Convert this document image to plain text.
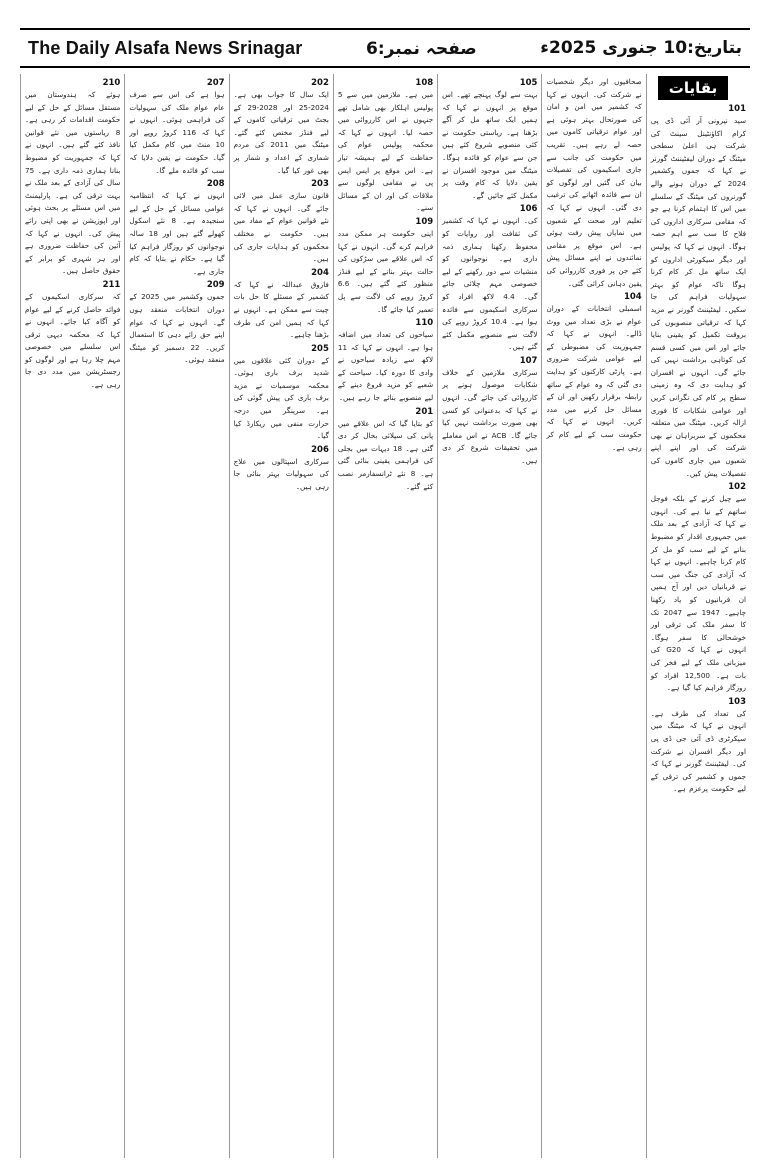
The Daily Alsafa News Srinagar	صفحہ نمبر:6	بتاریخ:10 جنوری 2025ء
بقایات
101
سید نیرونی آر آئی ڈی پی کرام اکاؤنٹینل سینٹ کی شرکت ہی اعلیٰ سطحی میٹنگ کے دوران لیفٹیننٹ گورنر نے کہا کہ جموں وکشمیر 2024 کے دوران ہونے والے گورنروں کی میٹنگ کے سلسلے میں اس کا اہتمام کرنا ہے جو کہ مقامی سرکاری اداروں کی فلاح کا سب سے اہم حصہ ہوگا۔ انہوں نے کہا کہ پولیس اور دیگر سیکورٹی اداروں کو ایک ساتھ مل کر کام کرنا ہوگا تاکہ عوام کو بہتر سہولیات فراہم کی جا سکیں۔ لیفٹیننٹ گورنر نے مزید کہا کہ ترقیاتی منصوبوں کی بروقت تکمیل کو یقینی بنایا جائے اور اس میں کسی قسم کی کوتاہی برداشت نہیں کی جائے گی۔ انہوں نے افسران کو ہدایت دی کہ وہ زمینی سطح پر کام کی نگرانی کریں اور عوامی شکایات کا فوری ازالہ کریں۔ میٹنگ میں متعلقہ محکموں کے سربراہان نے بھی شرکت کی اور اپنے اپنے شعبوں میں جاری کاموں کی تفصیلات پیش کیں۔
102
سے چیل کرنے کے بلکہ فوجل ساتھم کے نیا ہے کی۔ انہوں نے کہا کہ آزادی کے بعد ملک میں جمہوری اقدار کو مضبوط بنانے کے لیے سب کو مل کر کام کرنا چاہیے۔ انہوں نے کہا کہ آزادی کی جنگ میں سب نے قربانیاں دیں اور آج ہمیں ان قربانیوں کو یاد رکھنا چاہیے۔ 1947 سے 2047 تک کا سفر ملک کی ترقی اور خوشحالی کا سفر ہوگا۔ انہوں نے کہا کہ G20 کی میزبانی ملک کے لیے فخر کی بات ہے۔ 12,500 افراد کو روزگار فراہم کیا گیا ہے۔
103
کی تعداد کی طرف ہے۔ انہوں نے کہا کہ میٹنگ میں سیکرٹری ڈی آئی جی ڈی پی اور دیگر افسران نے شرکت کی۔ لیفٹیننٹ گورنر نے کہا کہ جموں و کشمیر کی ترقی کے لیے حکومت پرعزم ہے۔
صحافیوں اور دیگر شخصیات نے شرکت کی۔ انہوں نے کہا کہ کشمیر میں امن و امان کی صورتحال بہتر ہوئی ہے اور عوام ترقیاتی کاموں میں حصہ لے رہے ہیں۔ تقریب میں حکومت کی جانب سے جاری اسکیموں کی تفصیلات بیان کی گئیں اور لوگوں کو ان سے فائدہ اٹھانے کی ترغیب دی گئی۔ انہوں نے کہا کہ تعلیم اور صحت کے شعبوں میں نمایاں پیش رفت ہوئی ہے۔ اس موقع پر مقامی نمائندوں نے اپنے مسائل پیش کئے جن پر فوری کارروائی کی یقین دہانی کرائی گئی۔
104
اسمبلی انتخابات کے دوران عوام نے بڑی تعداد میں ووٹ ڈالے۔ انہوں نے کہا کہ جمہوریت کی مضبوطی کے لیے عوامی شرکت ضروری ہے۔ پارٹی کارکنوں کو ہدایت دی گئی کہ وہ عوام کے ساتھ رابطہ برقرار رکھیں اور ان کے مسائل حل کرنے میں مدد کریں۔ انہوں نے کہا کہ حکومت سب کے لیے کام کر رہی ہے۔
105
بہت سے لوگ پہنچے تھے۔ اس موقع پر انہوں نے کہا کہ ہمیں ایک ساتھ مل کر آگے بڑھنا ہے۔ ریاستی حکومت نے کئی منصوبے شروع کئے ہیں جن سے عوام کو فائدہ ہوگا۔ میٹنگ میں موجود افسران نے یقین دلایا کہ کام وقت پر مکمل کئے جائیں گے۔
106
کی۔ انہوں نے کہا کہ کشمیر کی ثقافت اور روایات کو محفوظ رکھنا ہماری ذمہ داری ہے۔ نوجوانوں کو منشیات سے دور رکھنے کے لیے خصوصی مہم چلائی جائے گی۔ 4.4 لاکھ افراد کو سرکاری اسکیموں سے فائدہ ہوا ہے۔ 10.4 کروڑ روپے کی لاگت سے منصوبے مکمل کئے گئے ہیں۔
107
سرکاری ملازمین کے خلاف شکایات موصول ہونے پر کارروائی کی جائے گی۔ انہوں نے کہا کہ بدعنوانی کو کسی بھی صورت برداشت نہیں کیا جائے گا۔ ACB نے اس معاملے میں تحقیقات شروع کر دی ہیں۔
108
میں ہے۔ ملازمین میں سے 5 پولیس اہلکار بھی شامل تھے جنہوں نے اس کارروائی میں حصہ لیا۔ انہوں نے کہا کہ محکمہ پولیس عوام کی حفاظت کے لیے ہمیشہ تیار ہے۔ اس موقع پر ایس ایس پی نے مقامی لوگوں سے ملاقات کی اور ان کے مسائل سنے۔
109
اپنی حکومت ہر ممکن مدد فراہم کرے گی۔ انہوں نے کہا کہ اس علاقے میں سڑکوں کی حالت بہتر بنانے کے لیے فنڈز منظور کئے گئے ہیں۔ 6.6 کروڑ روپے کی لاگت سے پل تعمیر کیا جائے گا۔
110
سیاحوں کی تعداد میں اضافہ ہوا ہے۔ انہوں نے کہا کہ 11 لاکھ سے زیادہ سیاحوں نے وادی کا دورہ کیا۔ سیاحت کے شعبے کو مزید فروغ دینے کے لیے منصوبے بنائے جا رہے ہیں۔
201
کو بتایا گیا کہ اس علاقے میں پانی کی سپلائی بحال کر دی گئی ہے۔ 18 دیہات میں بجلی کی فراہمی یقینی بنائی گئی ہے۔ 8 نئے ٹرانسفارمر نصب کئے گئے۔
202
ایک سال کا جواب بھی ہے۔ 2024-25 اور 2028-29 کے بجٹ میں ترقیاتی کاموں کے لیے فنڈز مختص کئے گئے۔ میٹنگ میں 2011 کی مردم شماری کے اعداد و شمار پر بھی غور کیا گیا۔
203
قانون سازی عمل میں لائی جائے گی۔ انہوں نے کہا کہ نئے قوانین عوام کے مفاد میں ہیں۔ حکومت نے مختلف محکموں کو ہدایات جاری کی ہیں۔
204
فاروق عبداللہ نے کہا کہ کشمیر کے مسئلے کا حل بات چیت سے ممکن ہے۔ انہوں نے کہا کہ ہمیں امن کی طرف بڑھنا چاہیے۔
205
کے دوران کئی علاقوں میں شدید برف باری ہوئی۔ محکمہ موسمیات نے مزید برف باری کی پیش گوئی کی ہے۔ سرینگر میں درجہ حرارت منفی میں ریکارڈ کیا گیا۔
206
سرکاری اسپتالوں میں علاج کی سہولیات بہتر بنائی جا رہی ہیں۔
207
ہوا ہے کی اس سے صرف عام عوام ملک کی سہولیات کی فراہمی ہوئی۔ انہوں نے کہا کہ 116 کروڑ روپے اور 10 منٹ میں کام مکمل کیا گیا۔ حکومت نے یقین دلایا کہ سب کو فائدہ ملے گا۔
208
انہوں نے کہا کہ انتظامیہ عوامی مسائل کے حل کے لیے سنجیدہ ہے۔ 8 نئے اسکول کھولے گئے ہیں اور 18 سالہ نوجوانوں کو روزگار فراہم کیا گیا ہے۔ حکام نے بتایا کہ کام جاری ہے۔
209
جموں وکشمیر میں 2025 کے دوران انتخابات منعقد ہوں گے۔ انہوں نے کہا کہ عوام اپنے حق رائے دہی کا استعمال کریں۔ 22 دسمبر کو میٹنگ منعقد ہوئی۔
210
ہوئے کہ ہندوستان میں مستقل مسائل کے حل کے لیے حکومت اقدامات کر رہی ہے۔ 8 ریاستوں میں نئے قوانین نافذ کئے گئے ہیں۔ انہوں نے کہا کہ جمہوریت کو مضبوط بنانا ہماری ذمہ داری ہے۔ 75 سال کی آزادی کے بعد ملک نے بہت ترقی کی ہے۔ پارلیمنٹ میں اس مسئلے پر بحث ہوئی اور اپوزیشن نے بھی اپنی رائے پیش کی۔ انہوں نے کہا کہ آئین کی حفاظت ضروری ہے اور ہر شہری کو برابر کے حقوق حاصل ہیں۔
211
کہ سرکاری اسکیموں کے فوائد حاصل کرنے کے لیے عوام کو آگاہ کیا جائے۔ انہوں نے کہا کہ محکمہ دیہی ترقی اس سلسلے میں خصوصی مہم چلا رہا ہے اور لوگوں کو رجسٹریشن میں مدد دی جا رہی ہے۔
